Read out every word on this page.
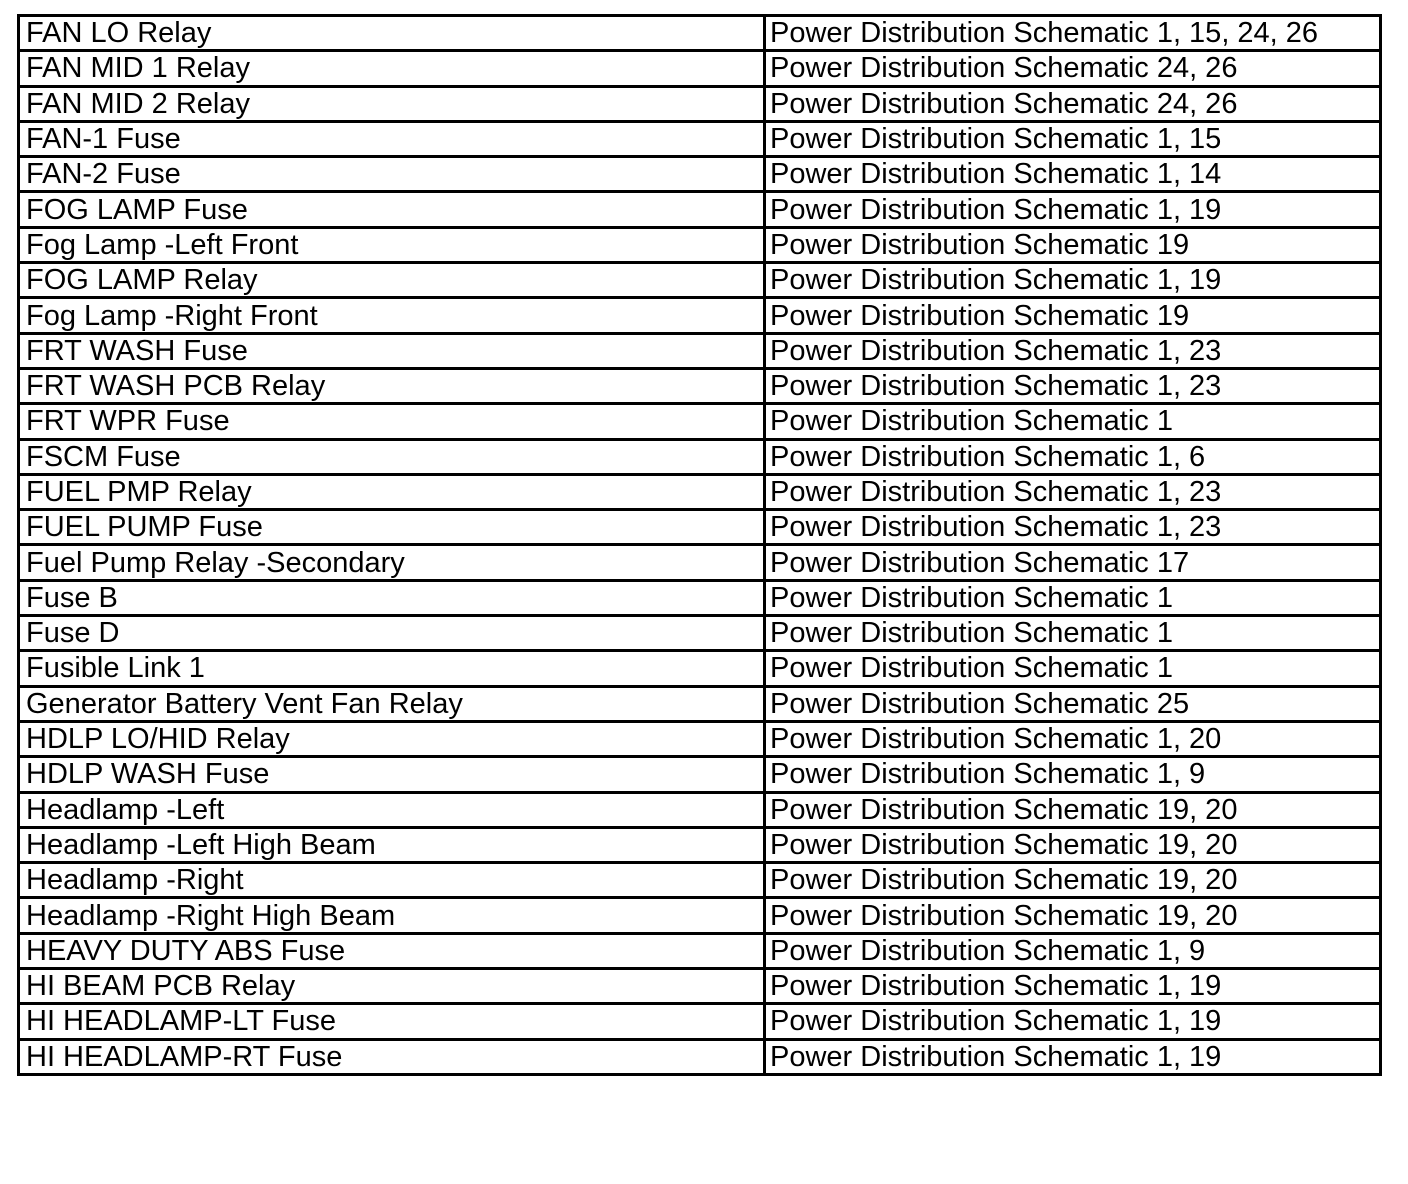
FAN LO Relay	Power Distribution Schematic 1, 15, 24, 26
FAN MID 1 Relay	Power Distribution Schematic 24, 26
FAN MID 2 Relay	Power Distribution Schematic 24, 26
FAN-1 Fuse	Power Distribution Schematic 1, 15
FAN-2 Fuse	Power Distribution Schematic 1, 14
FOG LAMP Fuse	Power Distribution Schematic 1, 19
Fog Lamp -Left Front	Power Distribution Schematic 19
FOG LAMP Relay	Power Distribution Schematic 1, 19
Fog Lamp -Right Front	Power Distribution Schematic 19
FRT WASH Fuse	Power Distribution Schematic 1, 23
FRT WASH PCB Relay	Power Distribution Schematic 1, 23
FRT WPR Fuse	Power Distribution Schematic 1
FSCM Fuse	Power Distribution Schematic 1, 6
FUEL PMP Relay	Power Distribution Schematic 1, 23
FUEL PUMP Fuse	Power Distribution Schematic 1, 23
Fuel Pump Relay -Secondary	Power Distribution Schematic 17
Fuse B	Power Distribution Schematic 1
Fuse D	Power Distribution Schematic 1
Fusible Link 1	Power Distribution Schematic 1
Generator Battery Vent Fan Relay	Power Distribution Schematic 25
HDLP LO/HID Relay	Power Distribution Schematic 1, 20
HDLP WASH Fuse	Power Distribution Schematic 1, 9
Headlamp -Left	Power Distribution Schematic 19, 20
Headlamp -Left High Beam	Power Distribution Schematic 19, 20
Headlamp -Right	Power Distribution Schematic 19, 20
Headlamp -Right High Beam	Power Distribution Schematic 19, 20
HEAVY DUTY ABS Fuse	Power Distribution Schematic 1, 9
HI BEAM PCB Relay	Power Distribution Schematic 1, 19
HI HEADLAMP-LT Fuse	Power Distribution Schematic 1, 19
HI HEADLAMP-RT Fuse	Power Distribution Schematic 1, 19
